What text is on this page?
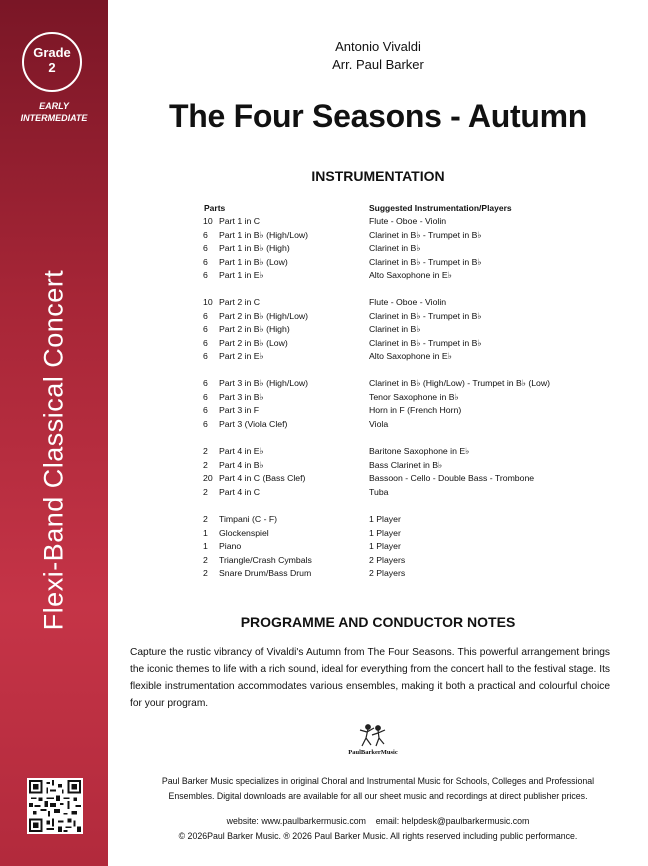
Grade
2
EARLY
INTERMEDIATE
Flexi-Band Classical Concert
Antonio Vivaldi
Arr. Paul Barker
The Four Seasons - Autumn
INSTRUMENTATION
Parts	Suggested Instrumentation/Players
10 Part 1 in C	Flute - Oboe - Violin
6 Part 1 in B♭ (High/Low)	Clarinet in B♭ - Trumpet in B♭
6 Part 1 in B♭ (High)	Clarinet in B♭
6 Part 1 in B♭ (Low)	Clarinet in B♭ - Trumpet in B♭
6 Part 1 in E♭	Alto Saxophone in E♭
10 Part 2 in C	Flute - Oboe - Violin
6 Part 2 in B♭ (High/Low)	Clarinet in B♭ - Trumpet in B♭
6 Part 2 in B♭ (High)	Clarinet in B♭
6 Part 2 in B♭ (Low)	Clarinet in B♭ - Trumpet in B♭
6 Part 2 in E♭	Alto Saxophone in E♭
6 Part 3 in B♭ (High/Low)	Clarinet in B♭ (High/Low) - Trumpet in B♭ (Low)
6 Part 3 in B♭	Tenor Saxophone in B♭
6 Part 3 in F	Horn in F (French Horn)
6 Part 3 (Viola Clef)	Viola
2 Part 4 in E♭	Baritone Saxophone in E♭
2 Part 4 in B♭	Bass Clarinet in B♭
20 Part 4 in C (Bass Clef)	Bassoon - Cello - Double Bass - Trombone
2 Part 4 in C	Tuba
2 Timpani (C - F)	1 Player
1 Glockenspiel	1 Player
1 Piano	1 Player
2 Triangle/Crash Cymbals	2 Players
2 Snare Drum/Bass Drum	2 Players
PROGRAMME AND CONDUCTOR NOTES
Capture the rustic vibrancy of Vivaldi's Autumn from The Four Seasons. This powerful arrangement brings the iconic themes to life with a rich sound, ideal for everything from the concert hall to the festival stage. Its flexible instrumentation accommodates various ensembles, making it both a practical and colourful choice for your program.
PaulBarkerMusic
Paul Barker Music specializes in original Choral and Instrumental Music for Schools, Colleges and Professional
Ensembles. Digital downloads are available for all our sheet music and recordings at direct publisher prices.
website: www.paulbarkermusic.com    email: helpdesk@paulbarkermusic.com
© 2026Paul Barker Music. ® 2026 Paul Barker Music. All rights reserved including public performance.
